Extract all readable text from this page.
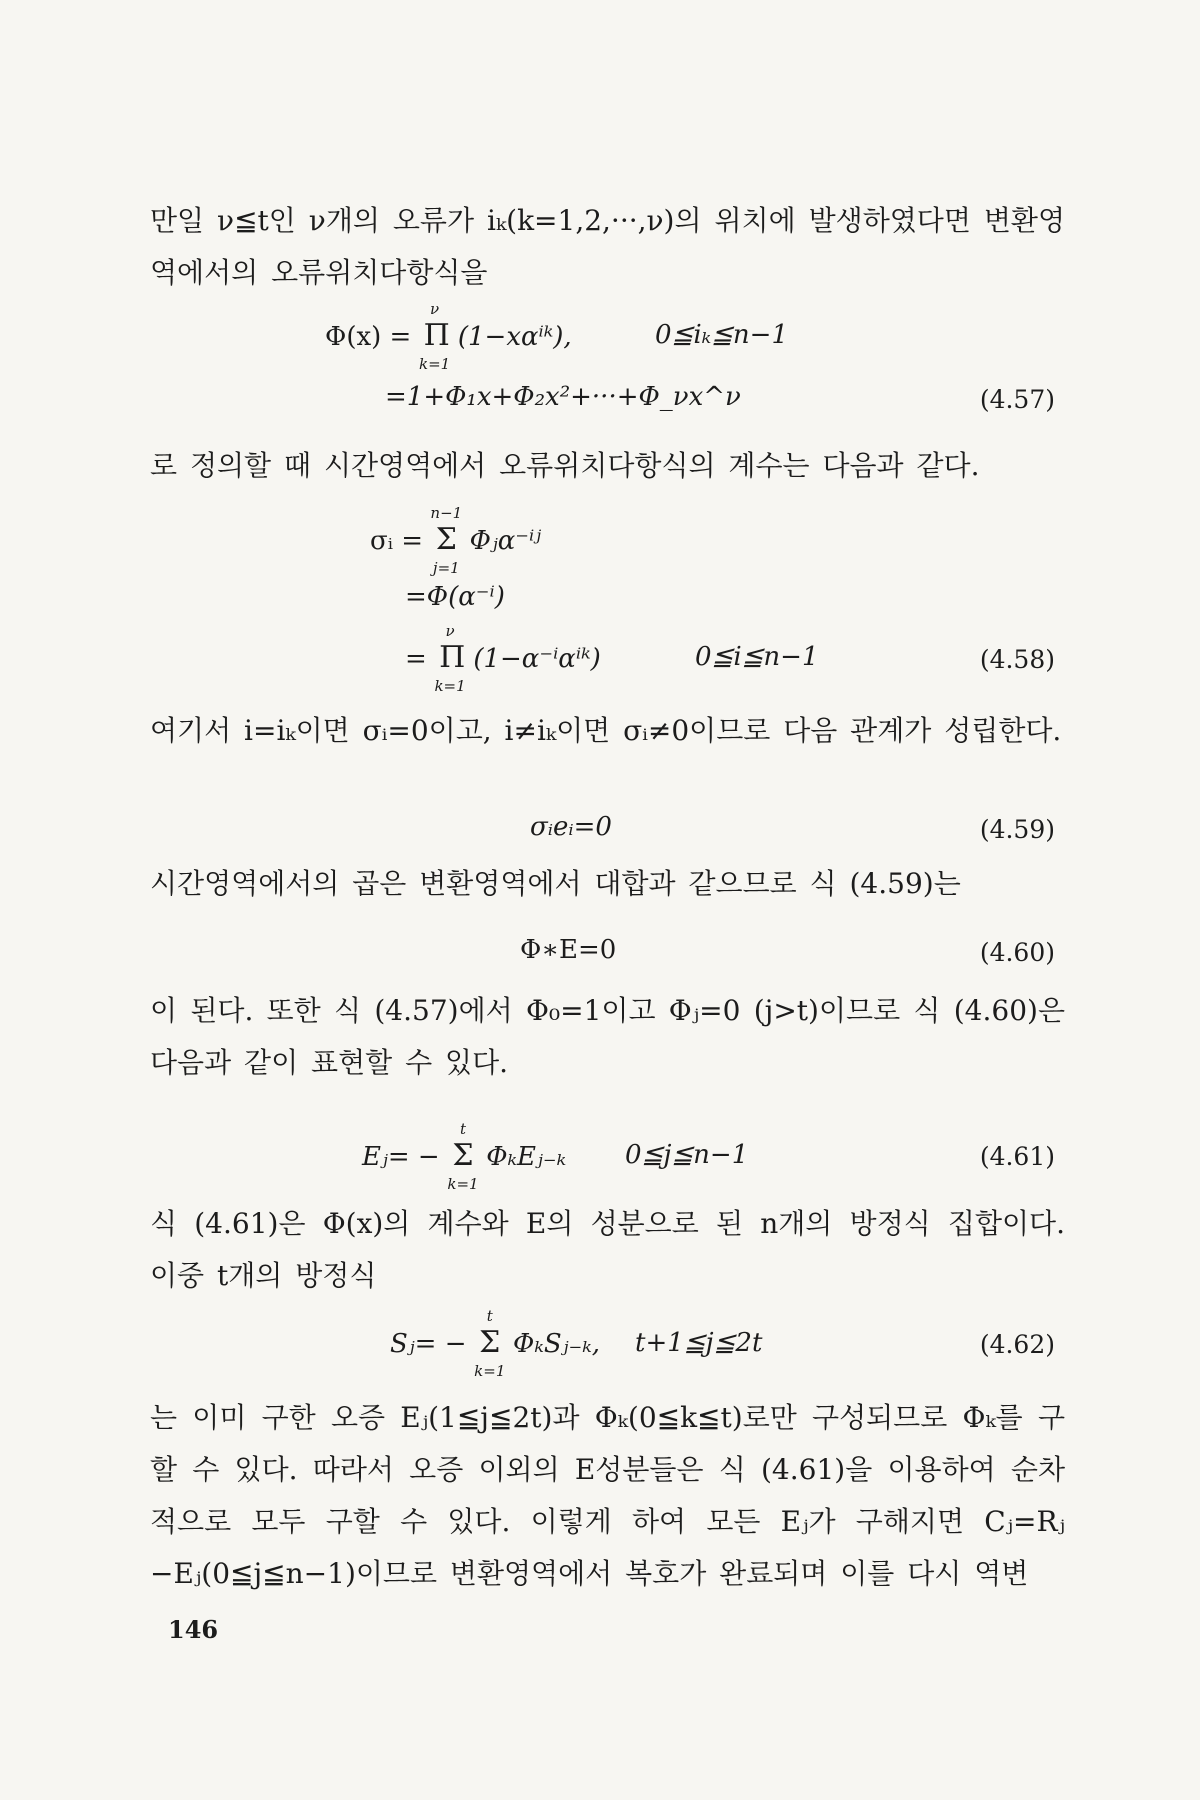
만일 ν≦t인 ν개의 오류가 iₖ(k=1,2,···,ν)의 위치에 발생하였다면 변환영역에서의 오류위치다항식을
Φ(x) =
ν
Π
k=1
(1−xαⁱᵏ),	0≦iₖ≦n−1
=1+Φ₁x+Φ₂x²+···+Φ_νx^ν	(4.57)
로 정의할 때 시간영역에서 오류위치다항식의 계수는 다음과 같다.
σᵢ =
n−1
Σ
j=1
Φⱼα⁻ⁱʲ
=Φ(α⁻ⁱ)
=
ν
Π
k=1
(1−α⁻ⁱαⁱᵏ)	0≦i≦n−1	(4.58)
여기서 i=iₖ이면 σᵢ=0이고, i≠iₖ이면 σᵢ≠0이므로 다음 관계가 성립한다.
σᵢeᵢ=0	(4.59)
시간영역에서의 곱은 변환영역에서 대합과 같으므로 식 (4.59)는
Φ∗E=0	(4.60)
이 된다. 또한 식 (4.57)에서 Φ₀=1이고 Φⱼ=0 (j>t)이므로 식 (4.60)은 다음과 같이 표현할 수 있다.
Eⱼ= −
t
Σ
k=1
ΦₖEⱼ₋ₖ 0≦j≦n−1	(4.61)
식 (4.61)은 Φ(x)의 계수와 E의 성분으로 된 n개의 방정식 집합이다. 이중 t개의 방정식
Sⱼ= −
t
Σ
k=1
ΦₖSⱼ₋ₖ, t+1≦j≦2t	(4.62)
는 이미 구한 오증 Eⱼ(1≦j≦2t)과 Φₖ(0≦k≦t)로만 구성되므로 Φₖ를 구할 수 있다. 따라서 오증 이외의 E성분들은 식 (4.61)을 이용하여 순차적으로 모두 구할 수 있다. 이렇게 하여 모든 Eⱼ가 구해지면 Cⱼ=Rⱼ −Eⱼ(0≦j≦n−1)이므로 변환영역에서 복호가 완료되며 이를 다시 역변
146
